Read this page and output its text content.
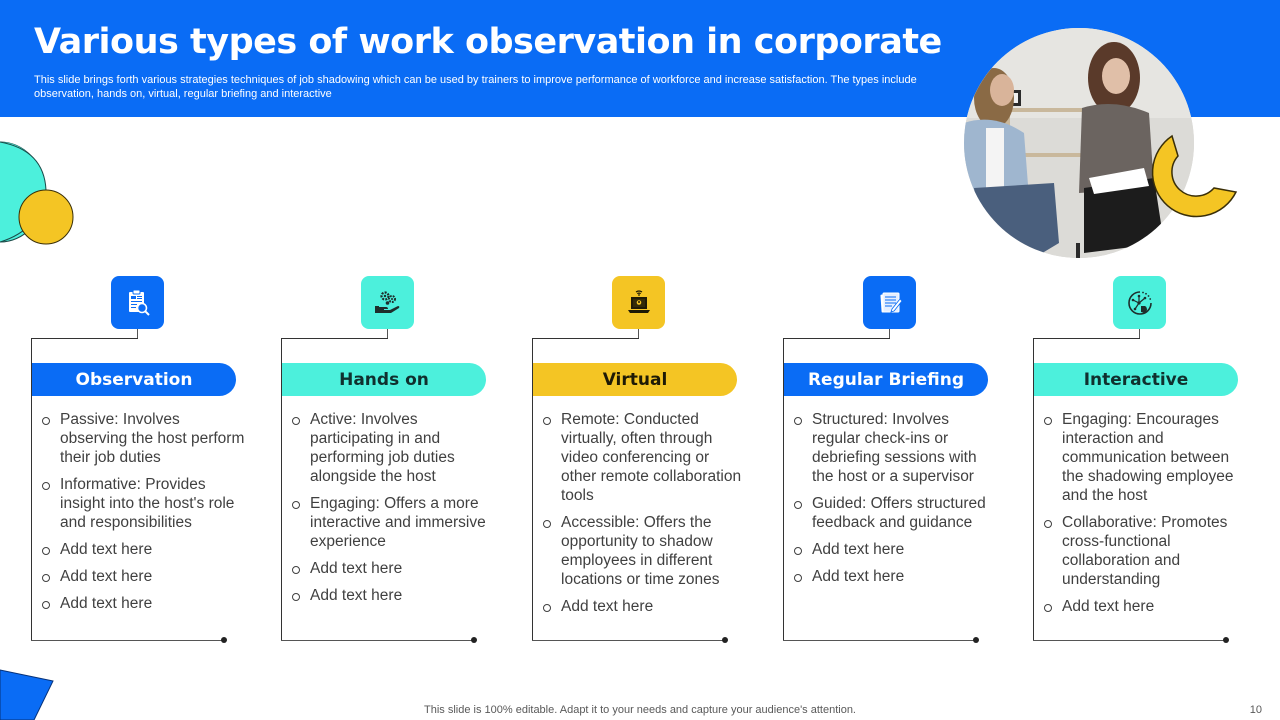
Various types of work observation in corporate
This slide brings forth various strategies techniques of job shadowing which can be used by trainers to improve performance of workforce and increase satisfaction. The types include observation, hands on, virtual, regular briefing and interactive
Observation
Passive: Involves observing the host perform their job duties
Informative: Provides insight into the host's role and responsibilities
Add text here
Add text here
Add text here
Hands on
Active: Involves participating in and performing job duties alongside the host
Engaging: Offers a more interactive and immersive experience
Add text here
Add text here
Virtual
Remote: Conducted virtually, often through video conferencing or other remote collaboration tools
Accessible: Offers the opportunity to shadow employees in different locations or time zones
Add text here
Regular Briefing
Structured: Involves regular check-ins or debriefing sessions with the host or a supervisor
Guided: Offers structured feedback and guidance
Add text here
Add text here
Interactive
Engaging: Encourages interaction and communication between the shadowing employee and the host
Collaborative: Promotes cross-functional collaboration and understanding
Add text here
This slide is 100% editable. Adapt it to your needs and capture your audience's attention.	10
